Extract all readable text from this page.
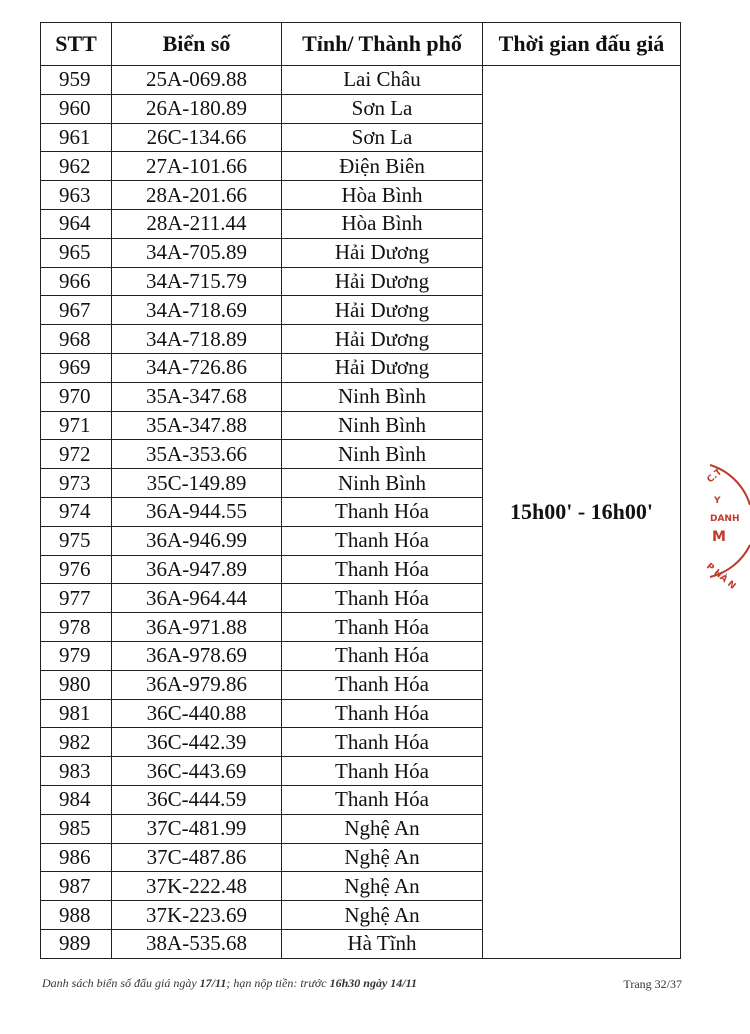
STT	Biển số	Tỉnh/ Thành phố	Thời gian đấu giá
959	25A-069.88	Lai Châu	15h00' - 16h00'
960	26A-180.89	Sơn La	
961	26C-134.66	Sơn La	
962	27A-101.66	Điện Biên	
963	28A-201.66	Hòa Bình	
964	28A-211.44	Hòa Bình	
965	34A-705.89	Hải Dương	
966	34A-715.79	Hải Dương	
967	34A-718.69	Hải Dương	
968	34A-718.89	Hải Dương	
969	34A-726.86	Hải Dương	
970	35A-347.68	Ninh Bình	
971	35A-347.88	Ninh Bình	
972	35A-353.66	Ninh Bình	
973	35C-149.89	Ninh Bình	
974	36A-944.55	Thanh Hóa	
975	36A-946.99	Thanh Hóa	
976	36A-947.89	Thanh Hóa	
977	36A-964.44	Thanh Hóa	
978	36A-971.88	Thanh Hóa	
979	36A-978.69	Thanh Hóa	
980	36A-979.86	Thanh Hóa	
981	36C-440.88	Thanh Hóa	
982	36C-442.39	Thanh Hóa	
983	36C-443.69	Thanh Hóa	
984	36C-444.59	Thanh Hóa	
985	37C-481.99	Nghệ An	
986	37C-487.86	Nghệ An	
987	37K-222.48	Nghệ An	
988	37K-223.69	Nghệ An	
989	38A-535.68	Hà Tĩnh	
Danh sách biển số đấu giá ngày 17/11; hạn nộp tiền: trước 16h30 ngày 14/11	Trang 32/37
C.T
Y
DANH
M
P HÀ N
